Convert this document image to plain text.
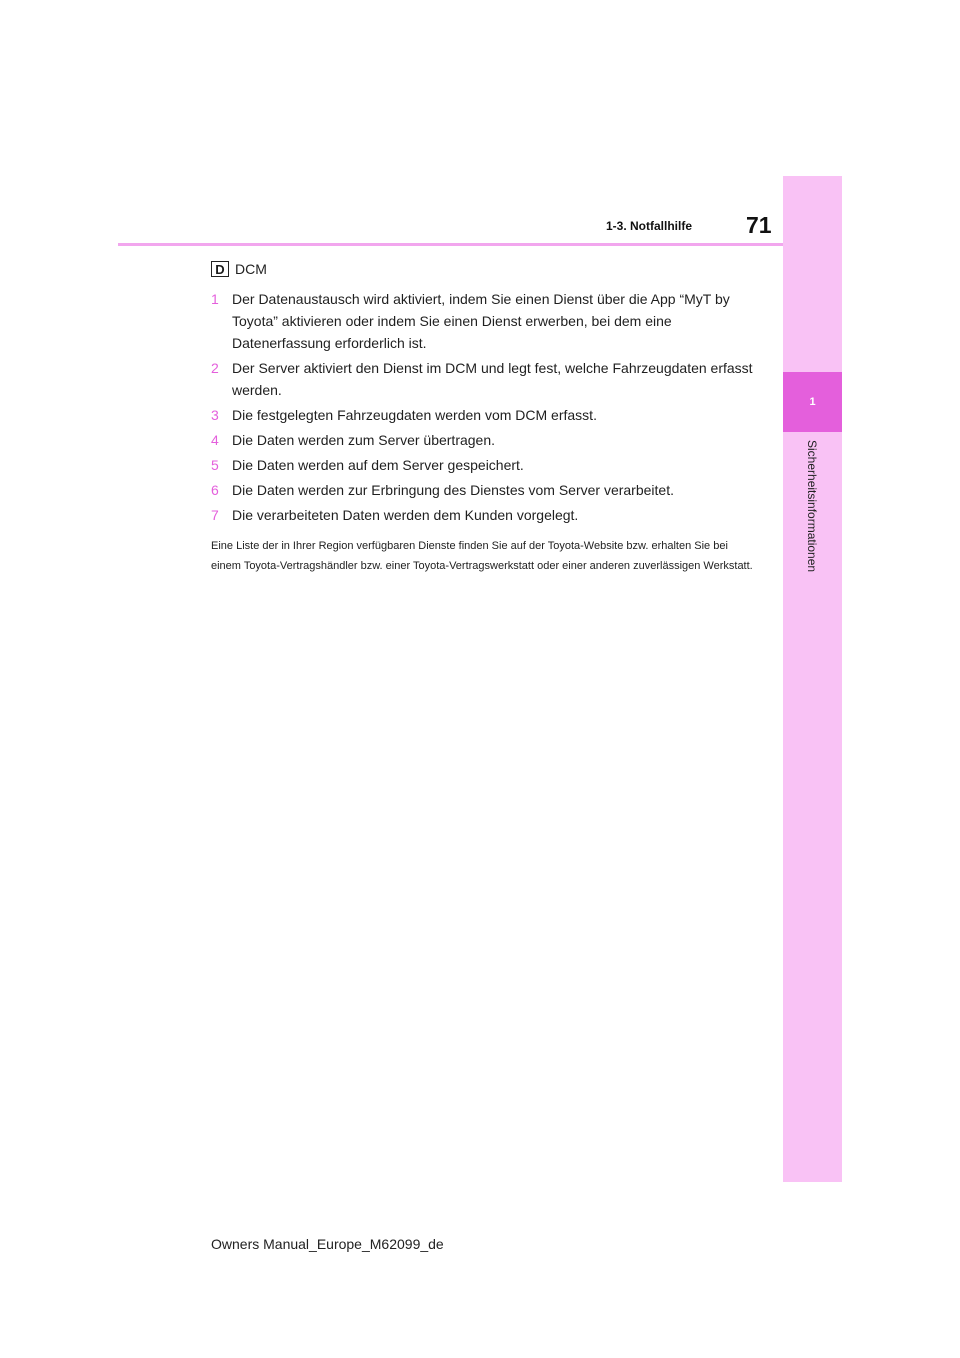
1
Sicherheitsinformationen
1-3. Notfallhilfe 71
D DCM
1 Der Datenaustausch wird aktiviert, indem Sie einen Dienst über die App “MyT by Toyota” aktivieren oder indem Sie einen Dienst erwerben, bei dem eine Datenerfassung erforderlich ist.
2 Der Server aktiviert den Dienst im DCM und legt fest, welche Fahrzeugdaten erfasst werden.
3 Die festgelegten Fahrzeugdaten werden vom DCM erfasst.
4 Die Daten werden zum Server übertragen.
5 Die Daten werden auf dem Server gespeichert.
6 Die Daten werden zur Erbringung des Dienstes vom Server verarbeitet.
7 Die verarbeiteten Daten werden dem Kunden vorgelegt.
Eine Liste der in Ihrer Region verfügbaren Dienste finden Sie auf der Toyota-Website bzw. erhalten Sie bei einem Toyota-Vertragshändler bzw. einer Toyota-Vertragswerkstatt oder einer anderen zuverlässigen Werkstatt.
Owners Manual_Europe_M62099_de
